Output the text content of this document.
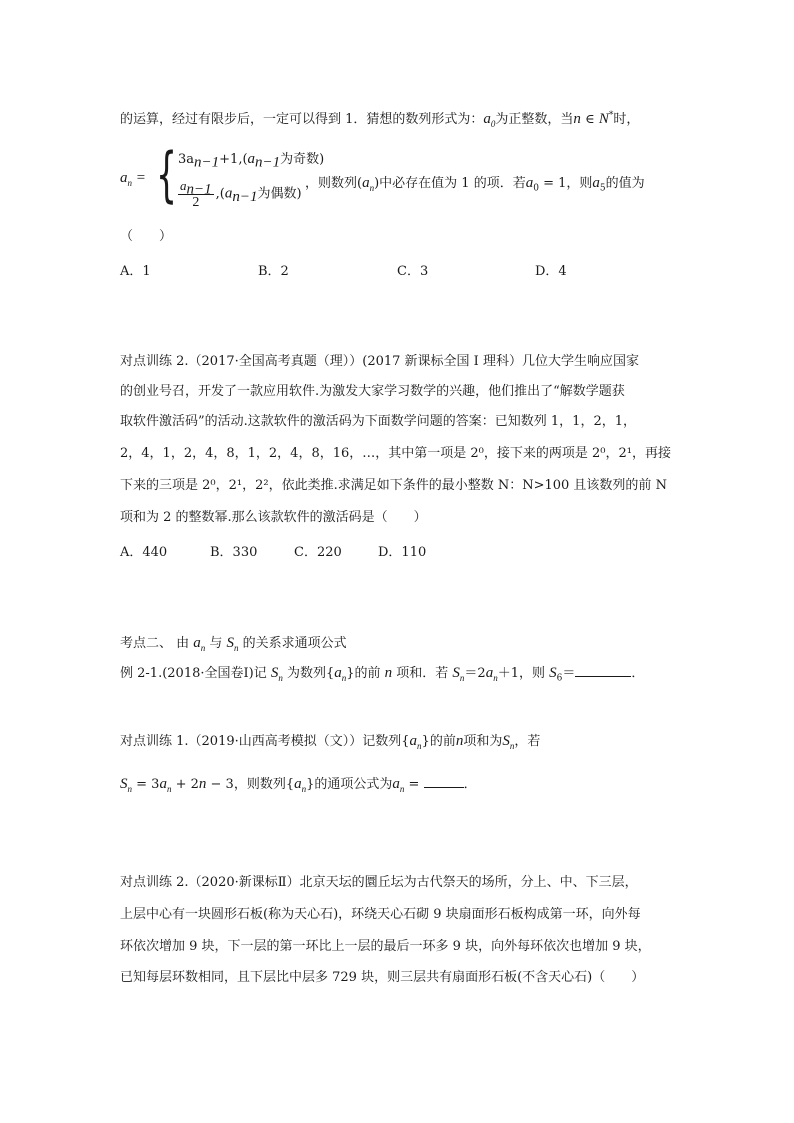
的运算，经过有限步后，一定可以得到 1．猜想的数列形式为：$a_0$为正整数，当n ∈ N*时，
$a_n$ = { $3a_{n-1}+1,(a_{n-1}$为奇数)
$\frac{a_{n-1}}{2} ,(a_{n-1}$为偶数)
，则数列$(a_n)$中必存在值为 1 的项．若$a_0 = 1$，则$a_5$的值为
（　　）
A．1	B．2	C．3	D．4
对点训练 2.（2017·全国高考真题（理））(2017 新课标全国 I 理科）几位大学生响应国家
的创业号召，开发了一款应用软件.为激发大家学习数学的兴趣，他们推出了“解数学题获
取软件激活码”的活动.这款软件的激活码为下面数学问题的答案：已知数列 1，1，2，1，
2，4，1，2，4，8，1，2，4，8，16，…，其中第一项是 2⁰，接下来的两项是 2⁰，2¹，再接
下来的三项是 2⁰，2¹，2²，依此类推.求满足如下条件的最小整数 N：N>100 且该数列的前 N
项和为 2 的整数幂.那么该款软件的激活码是（　　）
A．440	B．330	C．220	D．110
考点二、 由 $a_n$ 与 $S_n$ 的关系求通项公式
例 2-1.(2018·全国卷Ⅰ)记 $S_n$ 为数列$\{a_n\}$的前 n 项和．若 $S_n=2a_n+1$，则 $S_6=$	．
对点训练 1.（2019·山西高考模拟（文））记数列$\{a_n\}$的前n项和为$S_n$，若
$S_n = 3a_n + 2n - 3$，则数列$\{a_n\}$的通项公式为$a_n$ =	．
对点训练 2.（2020·新课标Ⅱ）北京天坛的圜丘坛为古代祭天的场所，分上、中、下三层，
上层中心有一块圆形石板(称为天心石)，环绕天心石砌 9 块扇面形石板构成第一环，向外每
环依次增加 9 块，下一层的第一环比上一层的最后一环多 9 块，向外每环依次也增加 9 块，
已知每层环数相同，且下层比中层多 729 块，则三层共有扇面形石板(不含天心石)（　　）
